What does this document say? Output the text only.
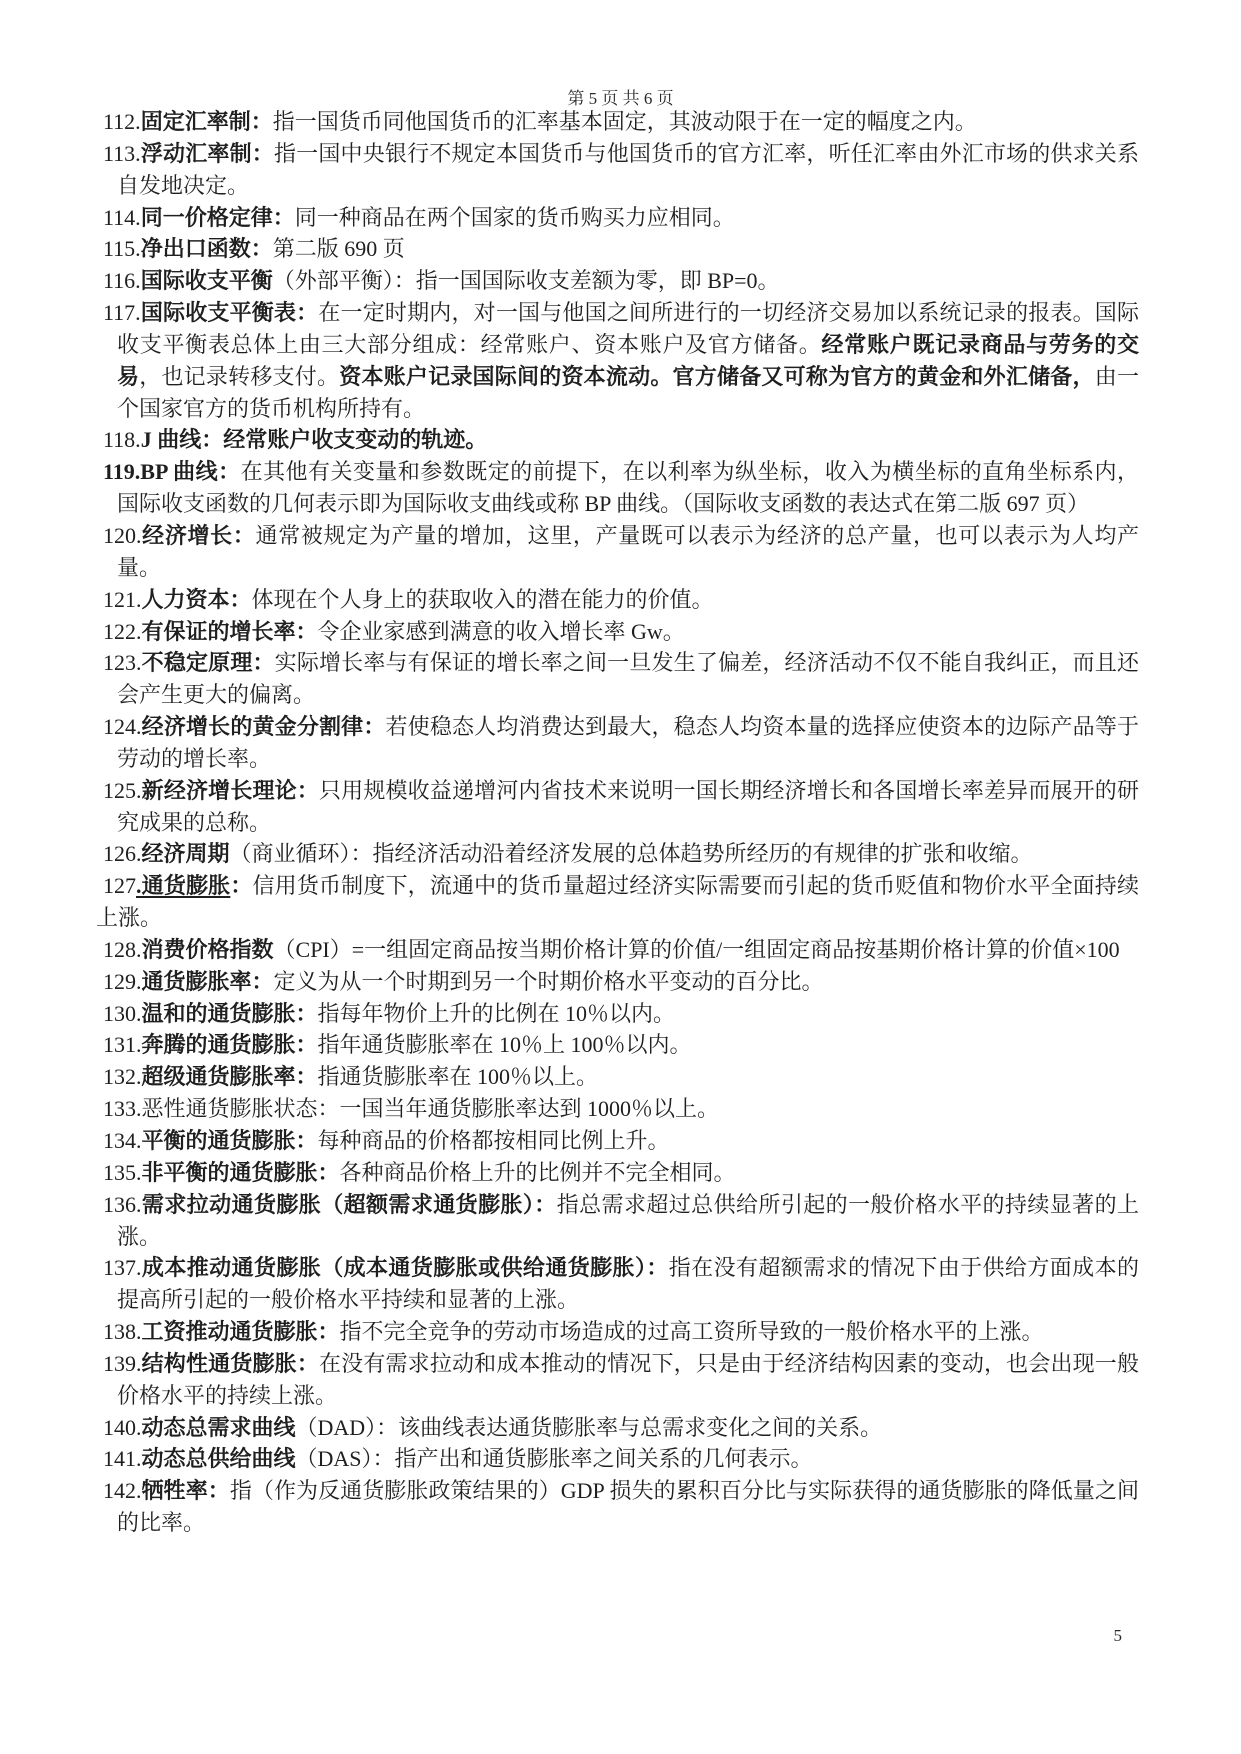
第 5 页 共 6 页
112.固定汇率制：指一国货币同他国货币的汇率基本固定，其波动限于在一定的幅度之内。
113.浮动汇率制：指一国中央银行不规定本国货币与他国货币的官方汇率，听任汇率由外汇市场的供求关系自发地决定。
114.同一价格定律：同一种商品在两个国家的货币购买力应相同。
115.净出口函数：第二版 690 页
116.国际收支平衡（外部平衡）：指一国国际收支差额为零，即 BP=0。
117.国际收支平衡表：在一定时期内，对一国与他国之间所进行的一切经济交易加以系统记录的报表。国际收支平衡表总体上由三大部分组成：经常账户、资本账户及官方储备。经常账户既记录商品与劳务的交易，也记录转移支付。资本账户记录国际间的资本流动。官方储备又可称为官方的黄金和外汇储备，由一个国家官方的货币机构所持有。
118.J 曲线：经常账户收支变动的轨迹。
119.BP 曲线：在其他有关变量和参数既定的前提下，在以利率为纵坐标，收入为横坐标的直角坐标系内，国际收支函数的几何表示即为国际收支曲线或称 BP 曲线。（国际收支函数的表达式在第二版 697 页）
120.经济增长：通常被规定为产量的增加，这里，产量既可以表示为经济的总产量，也可以表示为人均产量。
121.人力资本：体现在个人身上的获取收入的潜在能力的价值。
122.有保证的增长率：令企业家感到满意的收入增长率 Gw。
123.不稳定原理：实际增长率与有保证的增长率之间一旦发生了偏差，经济活动不仅不能自我纠正，而且还会产生更大的偏离。
124.经济增长的黄金分割律：若使稳态人均消费达到最大，稳态人均资本量的选择应使资本的边际产品等于劳动的增长率。
125.新经济增长理论：只用规模收益递增河内省技术来说明一国长期经济增长和各国增长率差异而展开的研究成果的总称。
126.经济周期（商业循环）：指经济活动沿着经济发展的总体趋势所经历的有规律的扩张和收缩。
127.通货膨胀：信用货币制度下，流通中的货币量超过经济实际需要而引起的货币贬值和物价水平全面持续上涨。
128.消费价格指数（CPI）=一组固定商品按当期价格计算的价值/一组固定商品按基期价格计算的价值×100
129.通货膨胀率：定义为从一个时期到另一个时期价格水平变动的百分比。
130.温和的通货膨胀：指每年物价上升的比例在 10％以内。
131.奔腾的通货膨胀：指年通货膨胀率在 10％上 100％以内。
132.超级通货膨胀率：指通货膨胀率在 100％以上。
133.恶性通货膨胀状态：一国当年通货膨胀率达到 1000％以上。
134.平衡的通货膨胀：每种商品的价格都按相同比例上升。
135.非平衡的通货膨胀：各种商品价格上升的比例并不完全相同。
136.需求拉动通货膨胀（超额需求通货膨胀）：指总需求超过总供给所引起的一般价格水平的持续显著的上涨。
137.成本推动通货膨胀（成本通货膨胀或供给通货膨胀）：指在没有超额需求的情况下由于供给方面成本的提高所引起的一般价格水平持续和显著的上涨。
138.工资推动通货膨胀：指不完全竞争的劳动市场造成的过高工资所导致的一般价格水平的上涨。
139.结构性通货膨胀：在没有需求拉动和成本推动的情况下，只是由于经济结构因素的变动，也会出现一般价格水平的持续上涨。
140.动态总需求曲线（DAD）：该曲线表达通货膨胀率与总需求变化之间的关系。
141.动态总供给曲线（DAS）：指产出和通货膨胀率之间关系的几何表示。
142.牺牲率：指（作为反通货膨胀政策结果的）GDP 损失的累积百分比与实际获得的通货膨胀的降低量之间的比率。
5
